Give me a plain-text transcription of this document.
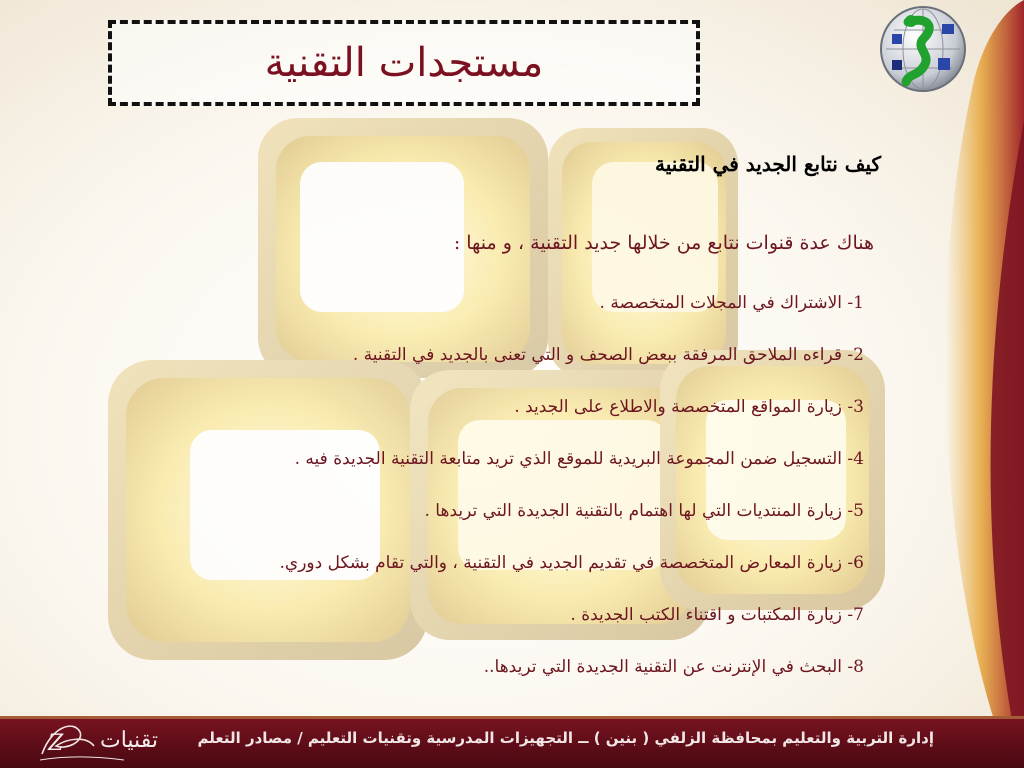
مستجدات التقنية
كيف نتابع الجديد في التقنية
هناك عدة قنوات نتابع من خلالها جديد التقنية ، و منها :
1- الاشتراك في المجلات المتخصصة .
2- قراءه الملاحق المرفقة ببعض الصحف و التي تعنى بالجديد في التقنية .
3- زيارة المواقع المتخصصة والاطلاع على الجديد .
4- التسجيل ضمن المجموعة البريدية للموقع الذي تريد متابعة التقنية الجديدة فيه .
5- زيارة المنتديات التي لها اهتمام بالتقنية الجديدة التي تريدها .
6- زيارة المعارض المتخصصة في تقديم الجديد في التقنية ، والتي تقام بشكل دوري.
7- زيارة المكتبات و اقتناء الكتب الجديدة .
8- البحث في الإنترنت عن التقنية الجديدة التي تريدها..
إدارة التربية والتعليم بمحافظة الزلفي ( بنين ) ــ التجهيزات المدرسية وتقنيات التعليم / مصادر التعلم
Z تقنيات
